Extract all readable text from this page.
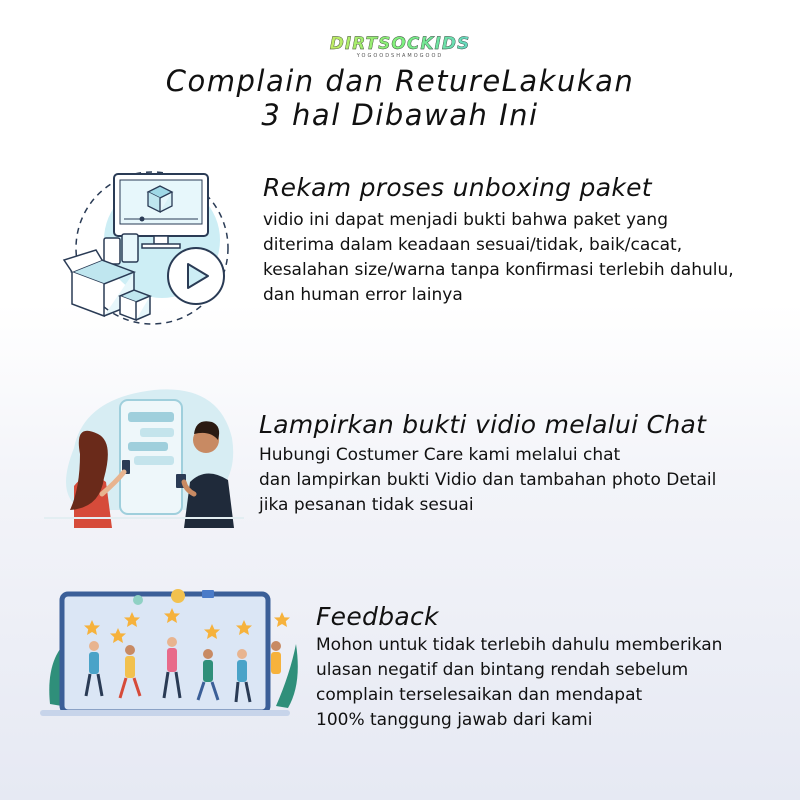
DIRTSOCKIDS
YOGOODSHAMOGOOD
Complain dan RetureLakukan
3 hal Dibawah Ini
Rekam proses unboxing paket
vidio ini dapat menjadi bukti bahwa paket yang
diterima dalam keadaan sesuai/tidak, baik/cacat,
kesalahan size/warna tanpa konfirmasi terlebih dahulu,
dan human error lainya
Lampirkan bukti vidio melalui Chat
Hubungi Costumer Care kami melalui chat
dan lampirkan bukti Vidio dan tambahan photo Detail
jika pesanan tidak sesuai
Feedback
Mohon untuk tidak terlebih dahulu memberikan
ulasan negatif dan bintang rendah sebelum
complain terselesaikan dan mendapat
100% tanggung jawab dari kami
